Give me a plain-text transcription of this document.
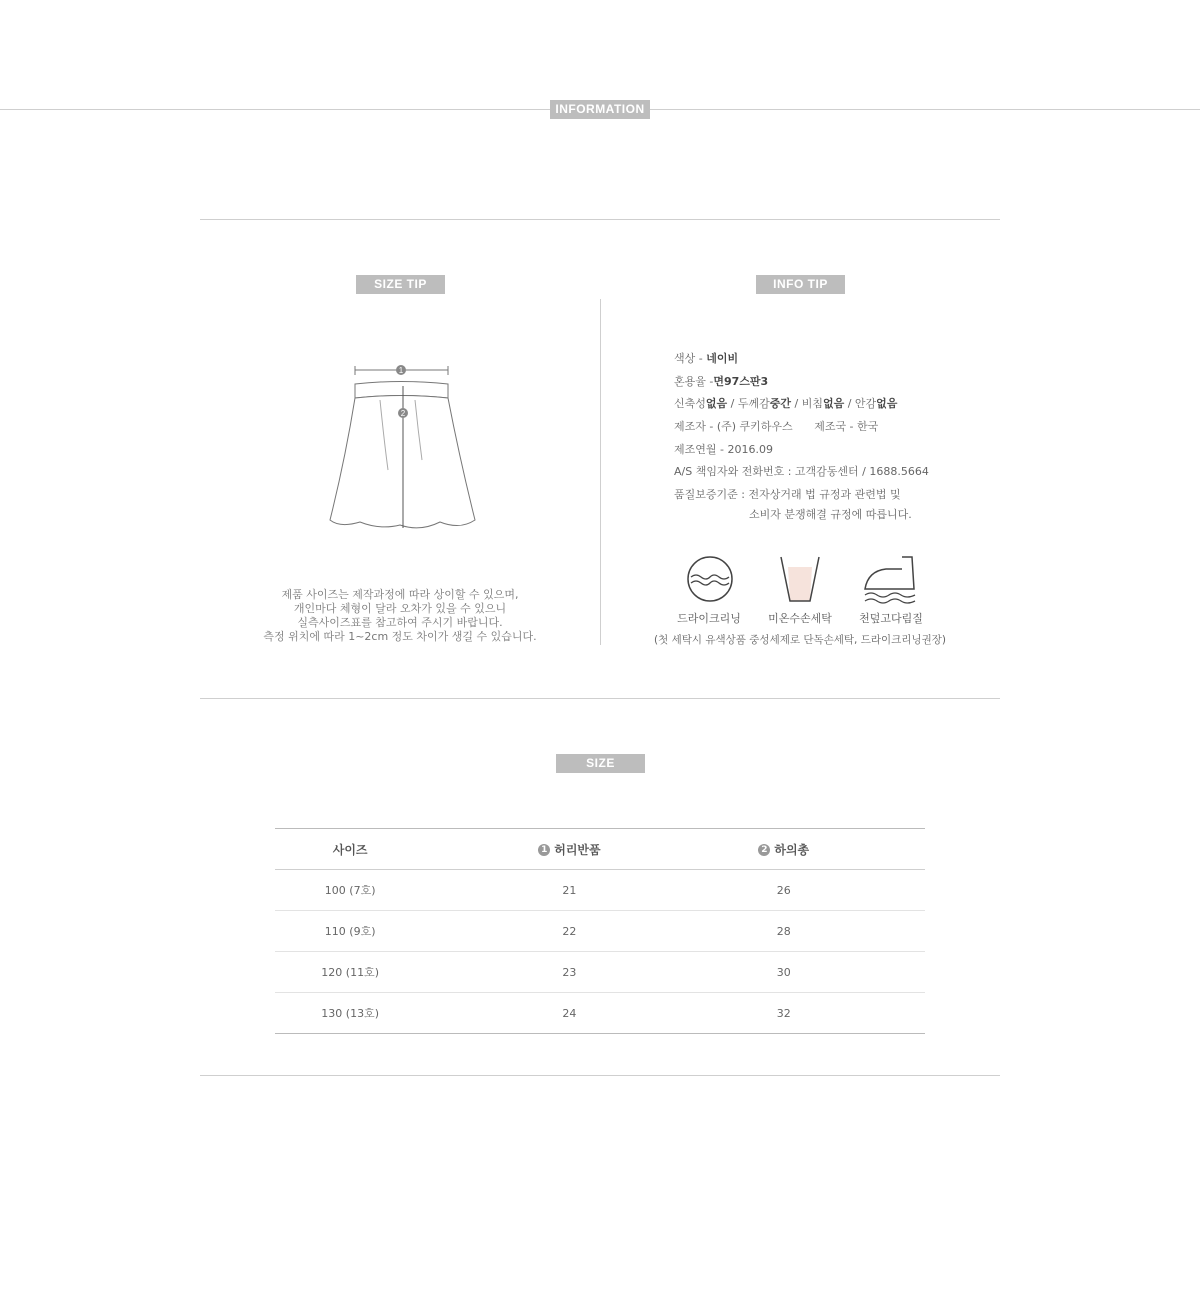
INFORMATION
SIZE TIP
1
2
제품 사이즈는 제작과정에 따라 상이할 수 있으며,
개인마다 체형이 달라 오차가 있을 수 있으니
실측사이즈표를 참고하여 주시기 바랍니다.
측정 위치에 따라 1~2cm 정도 차이가 생길 수 있습니다.
INFO TIP
색상 - 네이비
혼용율 -면97스판3
신축성없음 / 두께감중간 / 비침없음 / 안감없음
제조자 - (주) 쿠키하우스 제조국 - 한국
제조연월 - 2016.09
A/S 책임자와 전화번호 : 고객감동센터 / 1688.5664
품질보증기준 : 전자상거래 법 규정과 관련법 및
소비자 분쟁해결 규정에 따릅니다.
드라이크리닝	미온수손세탁	천덮고다림질
(첫 세탁시 유색상품 중성세제로 단독손세탁, 드라이크리닝권장)
SIZE
사이즈	1 허리반품	2 하의총	
100 (7호)	21	26	
110 (9호)	22	28	
120 (11호)	23	30	
130 (13호)	24	32	
